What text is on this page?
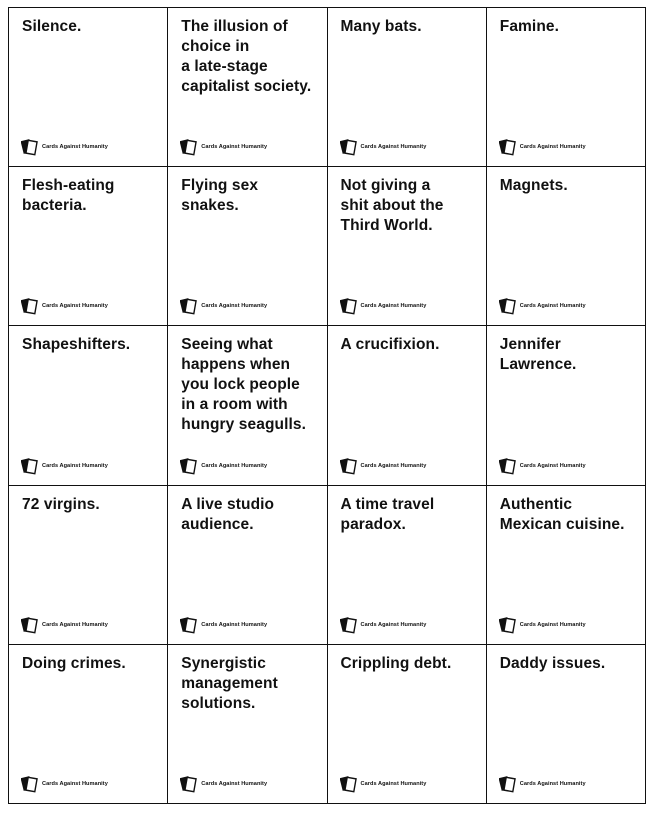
Silence.

Cards Against Humanity

The illusion of
choice in
a late-stage
capitalist society.

Cards Against Humanity

Many bats.

Cards Against Humanity

Famine.

Cards Against Humanity

Flesh-eating
bacteria.

Cards Against Humanity

Flying sex snakes.

Cards Against Humanity

Not giving a
shit about the
Third World.

Cards Against Humanity

Magnets.

Cards Against Humanity

Shapeshifters.

Cards Against Humanity

Seeing what
happens when
you lock people
in a room with
hungry seagulls.

Cards Against Humanity

A crucifixion.

Cards Against Humanity

Jennifer
Lawrence.

Cards Against Humanity

72 virgins.

Cards Against Humanity

A live studio
audience.

Cards Against Humanity

A time travel
paradox.

Cards Against Humanity

Authentic
Mexican cuisine.

Cards Against Humanity

Doing crimes.

Cards Against Humanity

Synergistic
management
solutions.

Cards Against Humanity

Crippling debt.

Cards Against Humanity

Daddy issues.

Cards Against Humanity
